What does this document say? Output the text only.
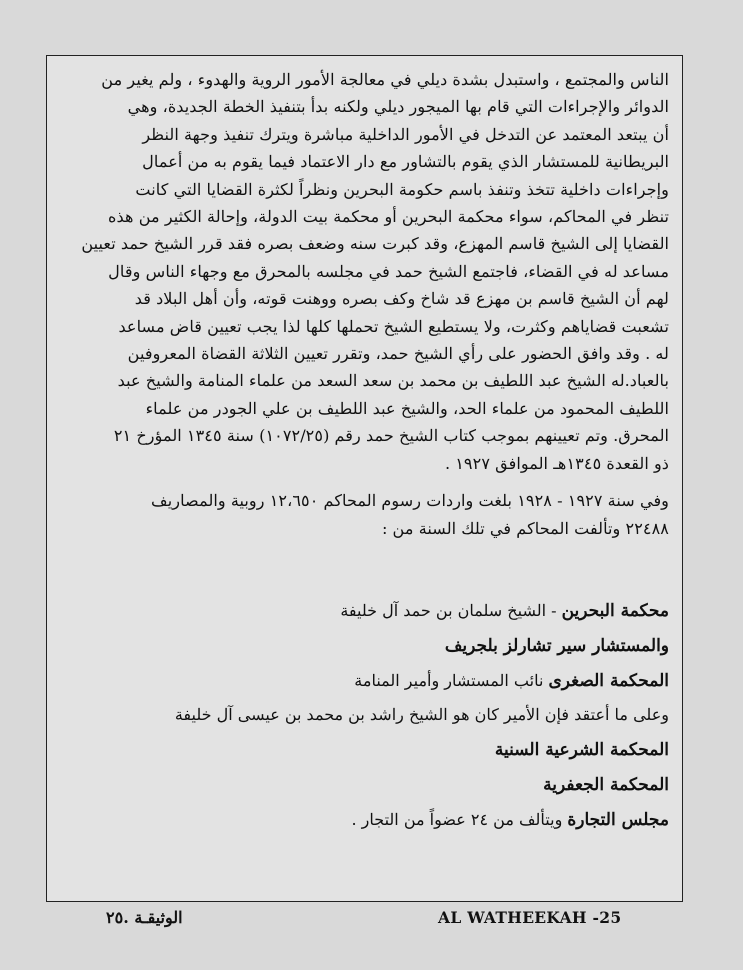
الناس والمجتمع ، واستبدل بشدة ديلي في معالجة الأمور الروية والهدوء ، ولم يغير من

الدوائر والإجراءات التي قام بها الميجور ديلي ولكنه بدأ بتنفيذ الخطة الجديدة، وهي

أن يبتعد المعتمد عن التدخل في الأمور الداخلية مباشرة ويترك تنفيذ وجهة النظر

البريطانية للمستشار الذي يقوم بالتشاور مع دار الاعتماد فيما يقوم به من أعمال

وإجراءات داخلية تتخذ وتنفذ باسم حكومة البحرين ونظراً لكثرة القضايا التي كانت

تنظر في المحاكم، سواء محكمة البحرين أو محكمة بيت الدولة، وإحالة الكثير من هذه

القضايا إلى الشيخ قاسم المهزع، وقد كبرت سنه وضعف بصره فقد قرر الشيخ حمد تعيين

مساعد له في القضاء، فاجتمع الشيخ حمد في مجلسه بالمحرق مع وجهاء الناس وقال

لهم أن الشيخ قاسم بن مهزع قد شاخ وكف بصره ووهنت قوته، وأن أهل البلاد قد

تشعبت قضاياهم وكثرت، ولا يستطيع الشيخ تحملها كلها لذا يجب تعيين قاض مساعد

له . وقد وافق الحضور على رأي الشيخ حمد، وتقرر تعيين الثلاثة القضاة المعروفين

بالعباد.له الشيخ عبد اللطيف بن محمد بن سعد السعد من علماء المنامة والشيخ عبد

اللطيف المحمود من علماء الحد، والشيخ عبد اللطيف بن علي الجودر من علماء

المحرق. وتم تعيينهم بموجب كتاب الشيخ حمد رقم (١٠٧٢/٢٥) سنة ١٣٤٥ المؤرخ ٢١

ذو القعدة ١٣٤٥هـ الموافق ١٩٢٧ .

وفي سنة ١٩٢٧ - ١٩٢٨ بلغت واردات رسوم المحاكم ١٢،٦٥٠ روبية والمصاريف

٢٢٤٨٨ وتألفت المحاكم في تلك السنة من :

محكمة البحرين - الشيخ سلمان بن حمد آل خليفة
والمستشار سير تشارلز بلجريف
المحكمة الصغرى نائب المستشار وأمير المنامة
وعلى ما أعتقد فإن الأمير كان هو الشيخ راشد بن محمد بن عيسى آل خليفة
المحكمة الشرعية السنية
المحكمة الجعفرية
مجلس التجارة ويتألف من ٢٤ عضواً من التجار .
AL WATHEEKAH -25
الوثيقـة .٢٥
